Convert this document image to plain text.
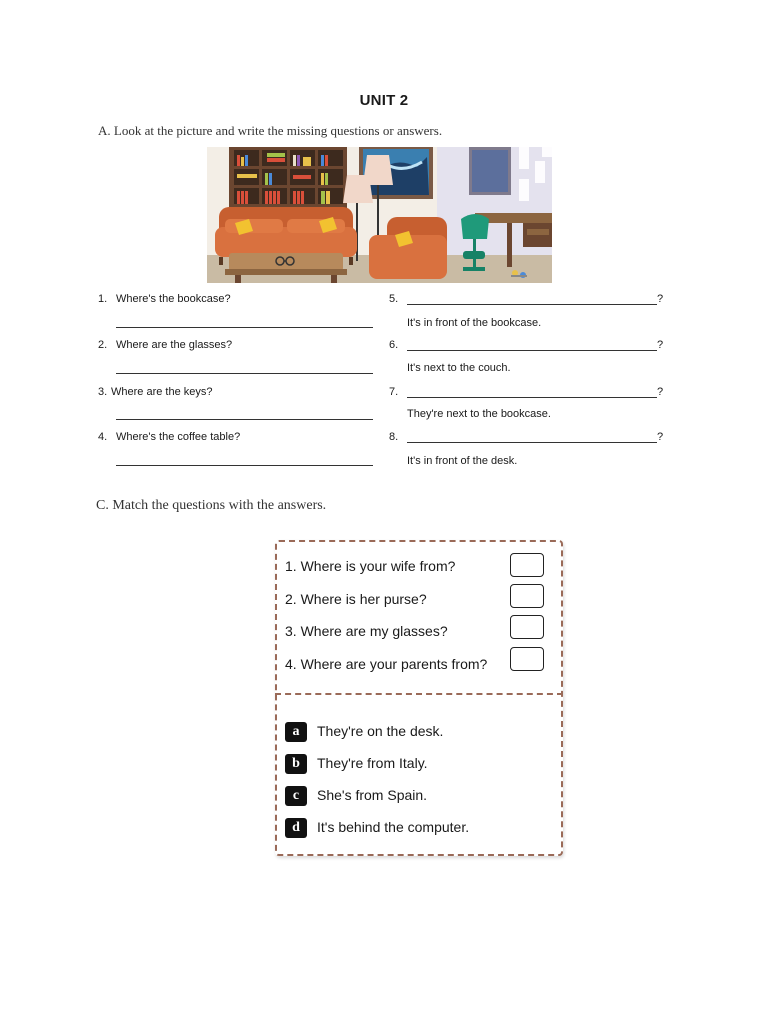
UNIT 2
A. Look at the picture and write the missing questions or answers.
1. Where's the bookcase?
2. Where are the glasses?
3. Where are the keys?
4. Where's the coffee table?
5.	?
It's in front of the bookcase.
6.	?
It's next to the couch.
7.	?
They're next to the bookcase.
8.	?
It's in front of the desk.
C. Match the questions with the answers.
1. Where is your wife from?
2. Where is her purse?
3. Where are my glasses?
4. Where are your parents from?
a	They're on the desk.
b	They're from Italy.
c	She's from Spain.
d	It's behind the computer.
